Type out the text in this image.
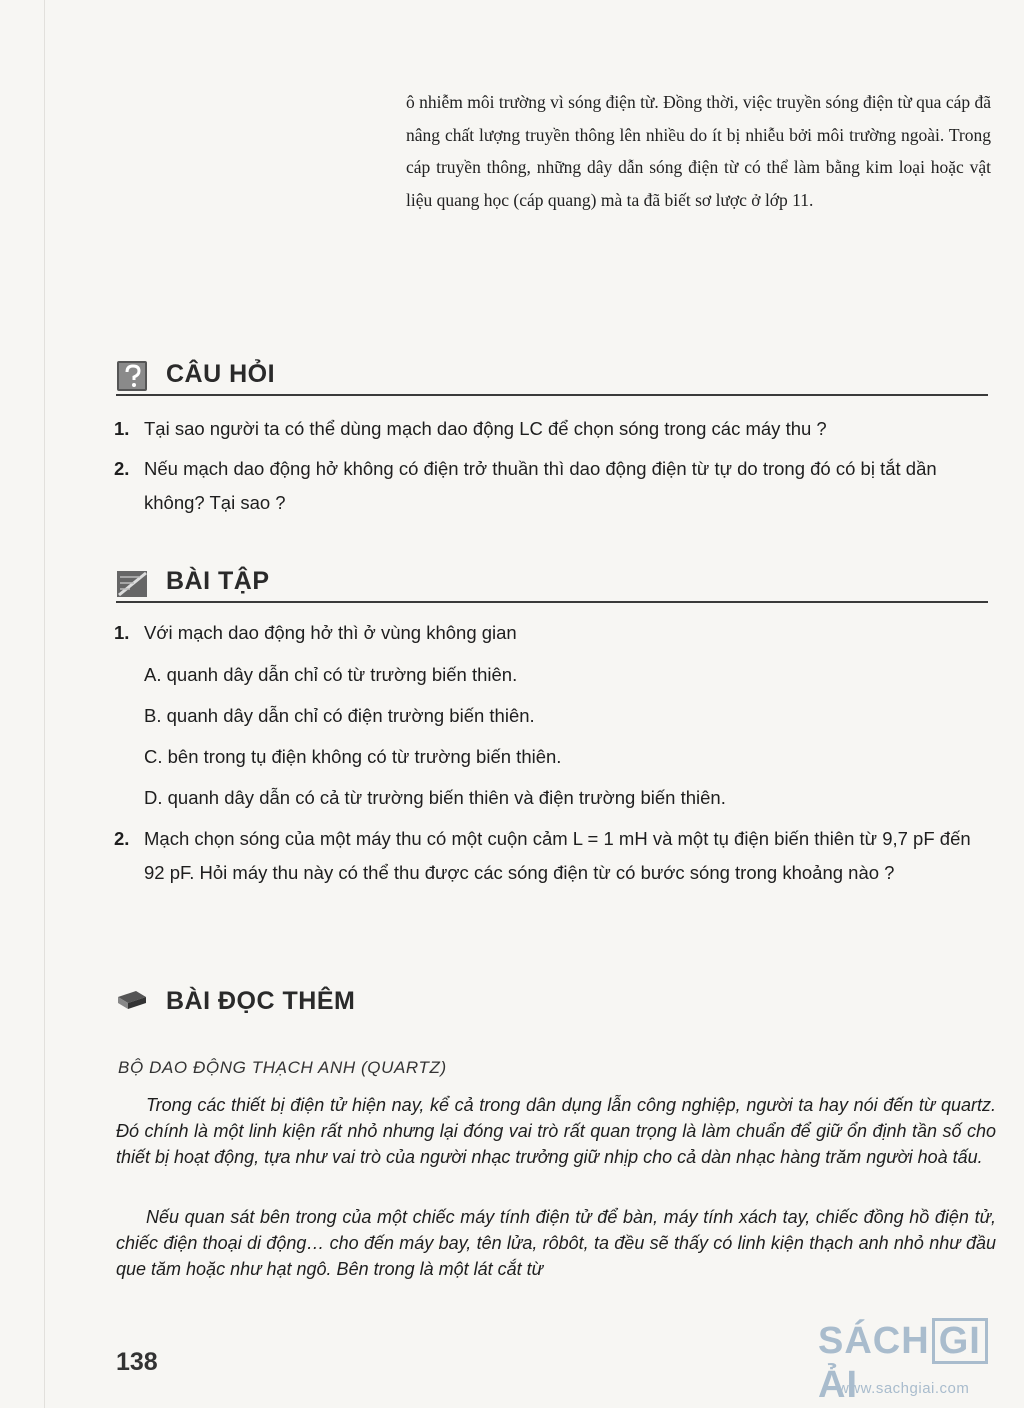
ô nhiễm môi trường vì sóng điện từ. Đồng thời, việc truyền sóng điện từ qua cáp đã nâng chất lượng truyền thông lên nhiều do ít bị nhiễu bởi môi trường ngoài. Trong cáp truyền thông, những dây dẫn sóng điện từ có thể làm bằng kim loại hoặc vật liệu quang học (cáp quang) mà ta đã biết sơ lược ở lớp 11.
CÂU HỎI
1. Tại sao người ta có thể dùng mạch dao động LC để chọn sóng trong các máy thu ?
2. Nếu mạch dao động hở không có điện trở thuần thì dao động điện từ tự do trong đó có bị tắt dần không? Tại sao ?
BÀI TẬP
1. Với mạch dao động hở thì ở vùng không gian
A. quanh dây dẫn chỉ có từ trường biến thiên.
B. quanh dây dẫn chỉ có điện trường biến thiên.
C. bên trong tụ điện không có từ trường biến thiên.
D. quanh dây dẫn có cả từ trường biến thiên và điện trường biến thiên.
2. Mạch chọn sóng của một máy thu có một cuộn cảm L = 1 mH và một tụ điện biến thiên từ 9,7 pF đến 92 pF. Hỏi máy thu này có thể thu được các sóng điện từ có bước sóng trong khoảng nào ?
BÀI ĐỌC THÊM
BỘ DAO ĐỘNG THẠCH ANH (QUARTZ)
Trong các thiết bị điện tử hiện nay, kể cả trong dân dụng lẫn công nghiệp, người ta hay nói đến từ quartz. Đó chính là một linh kiện rất nhỏ nhưng lại đóng vai trò rất quan trọng là làm chuẩn để giữ ổn định tần số cho thiết bị hoạt động, tựa như vai trò của người nhạc trưởng giữ nhịp cho cả dàn nhạc hàng trăm người hoà tấu.
Nếu quan sát bên trong của một chiếc máy tính điện tử để bàn, máy tính xách tay, chiếc đồng hồ điện tử, chiếc điện thoại di động… cho đến máy bay, tên lửa, rôbôt, ta đều sẽ thấy có linh kiện thạch anh nhỏ như đầu que tăm hoặc như hạt ngô. Bên trong là một lát cắt từ
138	SÁCH GIẢI
www.sachgiai.com
